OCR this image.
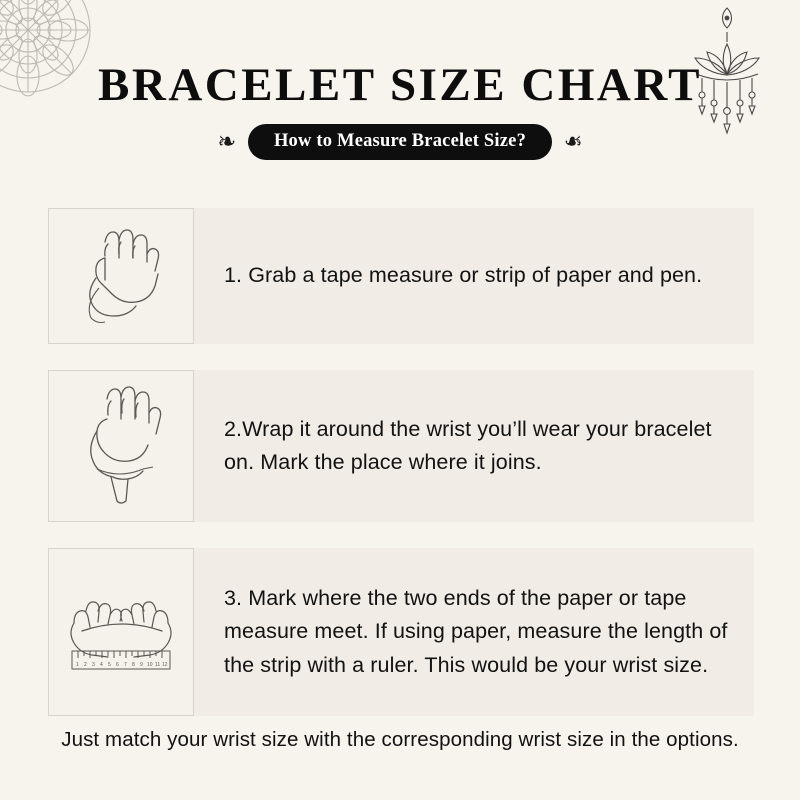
BRACELET SIZE CHART
❧	How to Measure Bracelet Size?	❧
1. Grab a tape measure or strip of paper and pen.
2.Wrap it around the wrist you’ll wear your bracelet on. Mark the place where it joins.
1 2 3 4 5 6 7 8 9 10 11 12
3. Mark where the two ends of the paper or tape measure meet. If using paper, measure the length of the strip with a ruler. This would be your wrist size.
Just match your wrist size with the corresponding wrist size in the options.
